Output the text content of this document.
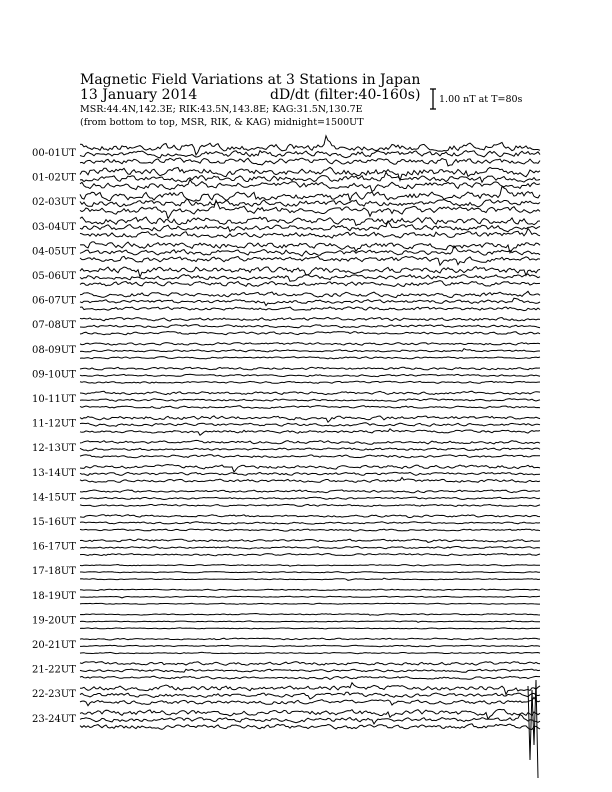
Magnetic Field Variations at 3 Stations in Japan
13 January 2014	dD/dt (filter:40-160s)
MSR:44.4N,142.3E; RIK:43.5N,143.8E; KAG:31.5N,130.7E
(from bottom to top, MSR, RIK, & KAG) midnight=1500UT
1.00 nT at T=80s
00-01UT
01-02UT
02-03UT
03-04UT
04-05UT
05-06UT
06-07UT
07-08UT
08-09UT
09-10UT
10-11UT
11-12UT
12-13UT
13-14UT
14-15UT
15-16UT
16-17UT
17-18UT
18-19UT
19-20UT
20-21UT
21-22UT
22-23UT
23-24UT
